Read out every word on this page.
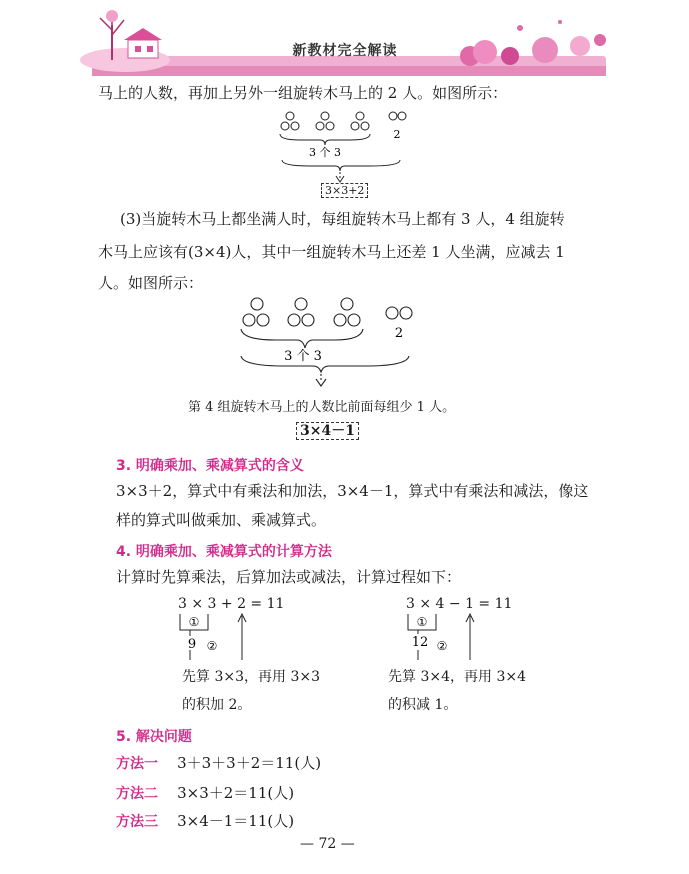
新教材完全解读
马上的人数，再加上另外一组旋转木马上的 2 人。如图所示：
2
3 个 3
3×3+2
(3)当旋转木马上都坐满人时，每组旋转木马上都有 3 人，4 组旋转
木马上应该有(3×4)人，其中一组旋转木马上还差 1 人坐满，应减去 1
人。如图所示：
2
3 个 3
第 4 组旋转木马上的人数比前面每组少 1 人。
3×4－1
3. 明确乘加、乘减算式的含义
3×3＋2，算式中有乘法和加法，3×4－1，算式中有乘法和减法，像这
样的算式叫做乘加、乘减算式。
4. 明确乘加、乘减算式的计算方法
计算时先算乘法，后算加法或减法，计算过程如下：
3 × 3 + 2 = 11
①
9 ②
先算 3×3，再用 3×3
的积加 2。
3 × 4 − 1 = 11
①
12 ②
先算 3×4，再用 3×4
的积减 1。
5. 解决问题
方法一 3＋3＋3＋2＝11(人)
方法二 3×3＋2＝11(人)
方法三 3×4－1＝11(人)
— 72 —
